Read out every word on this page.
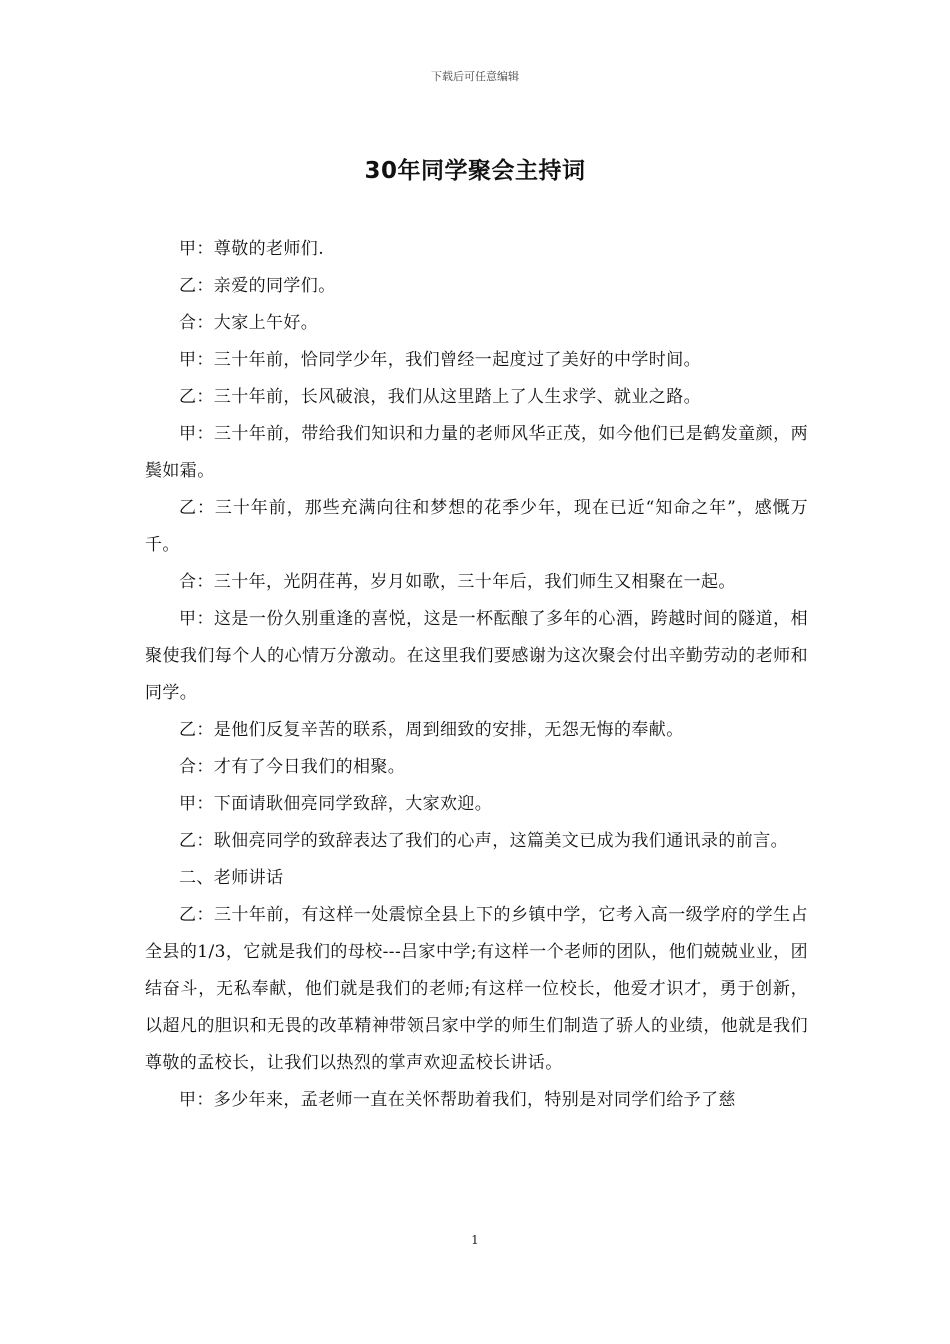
下载后可任意编辑
30年同学聚会主持词

甲：尊敬的老师们.

乙：亲爱的同学们。

合：大家上午好。

甲：三十年前，恰同学少年，我们曾经一起度过了美好的中学时间。

乙：三十年前，长风破浪，我们从这里踏上了人生求学、就业之路。

甲：三十年前，带给我们知识和力量的老师风华正茂，如今他们已是鹤发童颜，两鬓如霜。

乙：三十年前，那些充满向往和梦想的花季少年，现在已近“知命之年”，感慨万千。

合：三十年，光阴荏苒，岁月如歌，三十年后，我们师生又相聚在一起。

甲：这是一份久别重逢的喜悦，这是一杯酝酿了多年的心酒，跨越时间的隧道，相聚使我们每个人的心情万分激动。在这里我们要感谢为这次聚会付出辛勤劳动的老师和同学。

乙：是他们反复辛苦的联系，周到细致的安排，无怨无悔的奉献。

合：才有了今日我们的相聚。

甲：下面请耿佃亮同学致辞，大家欢迎。

乙：耿佃亮同学的致辞表达了我们的心声，这篇美文已成为我们通讯录的前言。

二、老师讲话

乙：三十年前，有这样一处震惊全县上下的乡镇中学，它考入高一级学府的学生占全县的1/3，它就是我们的母校---吕家中学;有这样一个老师的团队，他们兢兢业业，团结奋斗，无私奉献，他们就是我们的老师;有这样一位校长，他爱才识才，勇于创新，以超凡的胆识和无畏的改革精神带领吕家中学的师生们制造了骄人的业绩，他就是我们尊敬的孟校长，让我们以热烈的掌声欢迎孟校长讲话。

甲：多少年来，孟老师一直在关怀帮助着我们，特别是对同学们给予了慈

1
